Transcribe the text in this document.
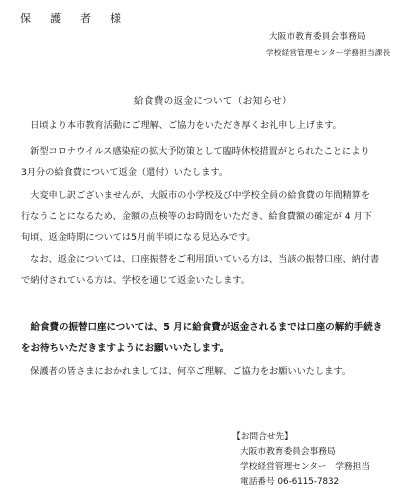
保　護　者　様
大阪市教育委員会事務局
学校経営管理センター学務担当課長
給食費の返金について（お知らせ）
　日頃より本市教育活動にご理解、ご協力をいただき厚くお礼申し上げます。
　新型コロナウイルス感染症の拡大予防策として臨時休校措置がとられたことにより
3月分の給食費について返金（還付）いたします。
　大変申し訳ございませんが、大阪市の小学校及び中学校全員の給食費の年間精算を
行なうことになるため、金額の点検等のお時間をいただき、給食費額の確定が 4 月下
旬頃、返金時期については5月前半頃になる見込みです。
　なお、返金については、口座振替をご利用頂いている方は、当該の振替口座、納付書
で納付されている方は、学校を通じて返金いたします。
　給食費の振替口座については、5 月に給食費が返金されるまでは口座の解約手続き
をお待ちいただきますようにお願いいたします。
　保護者の皆さまにおかれましては、何卒ご理解、ご協力をお願いいたします。
【お問合せ先】
大阪市教育委員会事務局
学校経営管理センター　学務担当
電話番号 06-6115-7832
